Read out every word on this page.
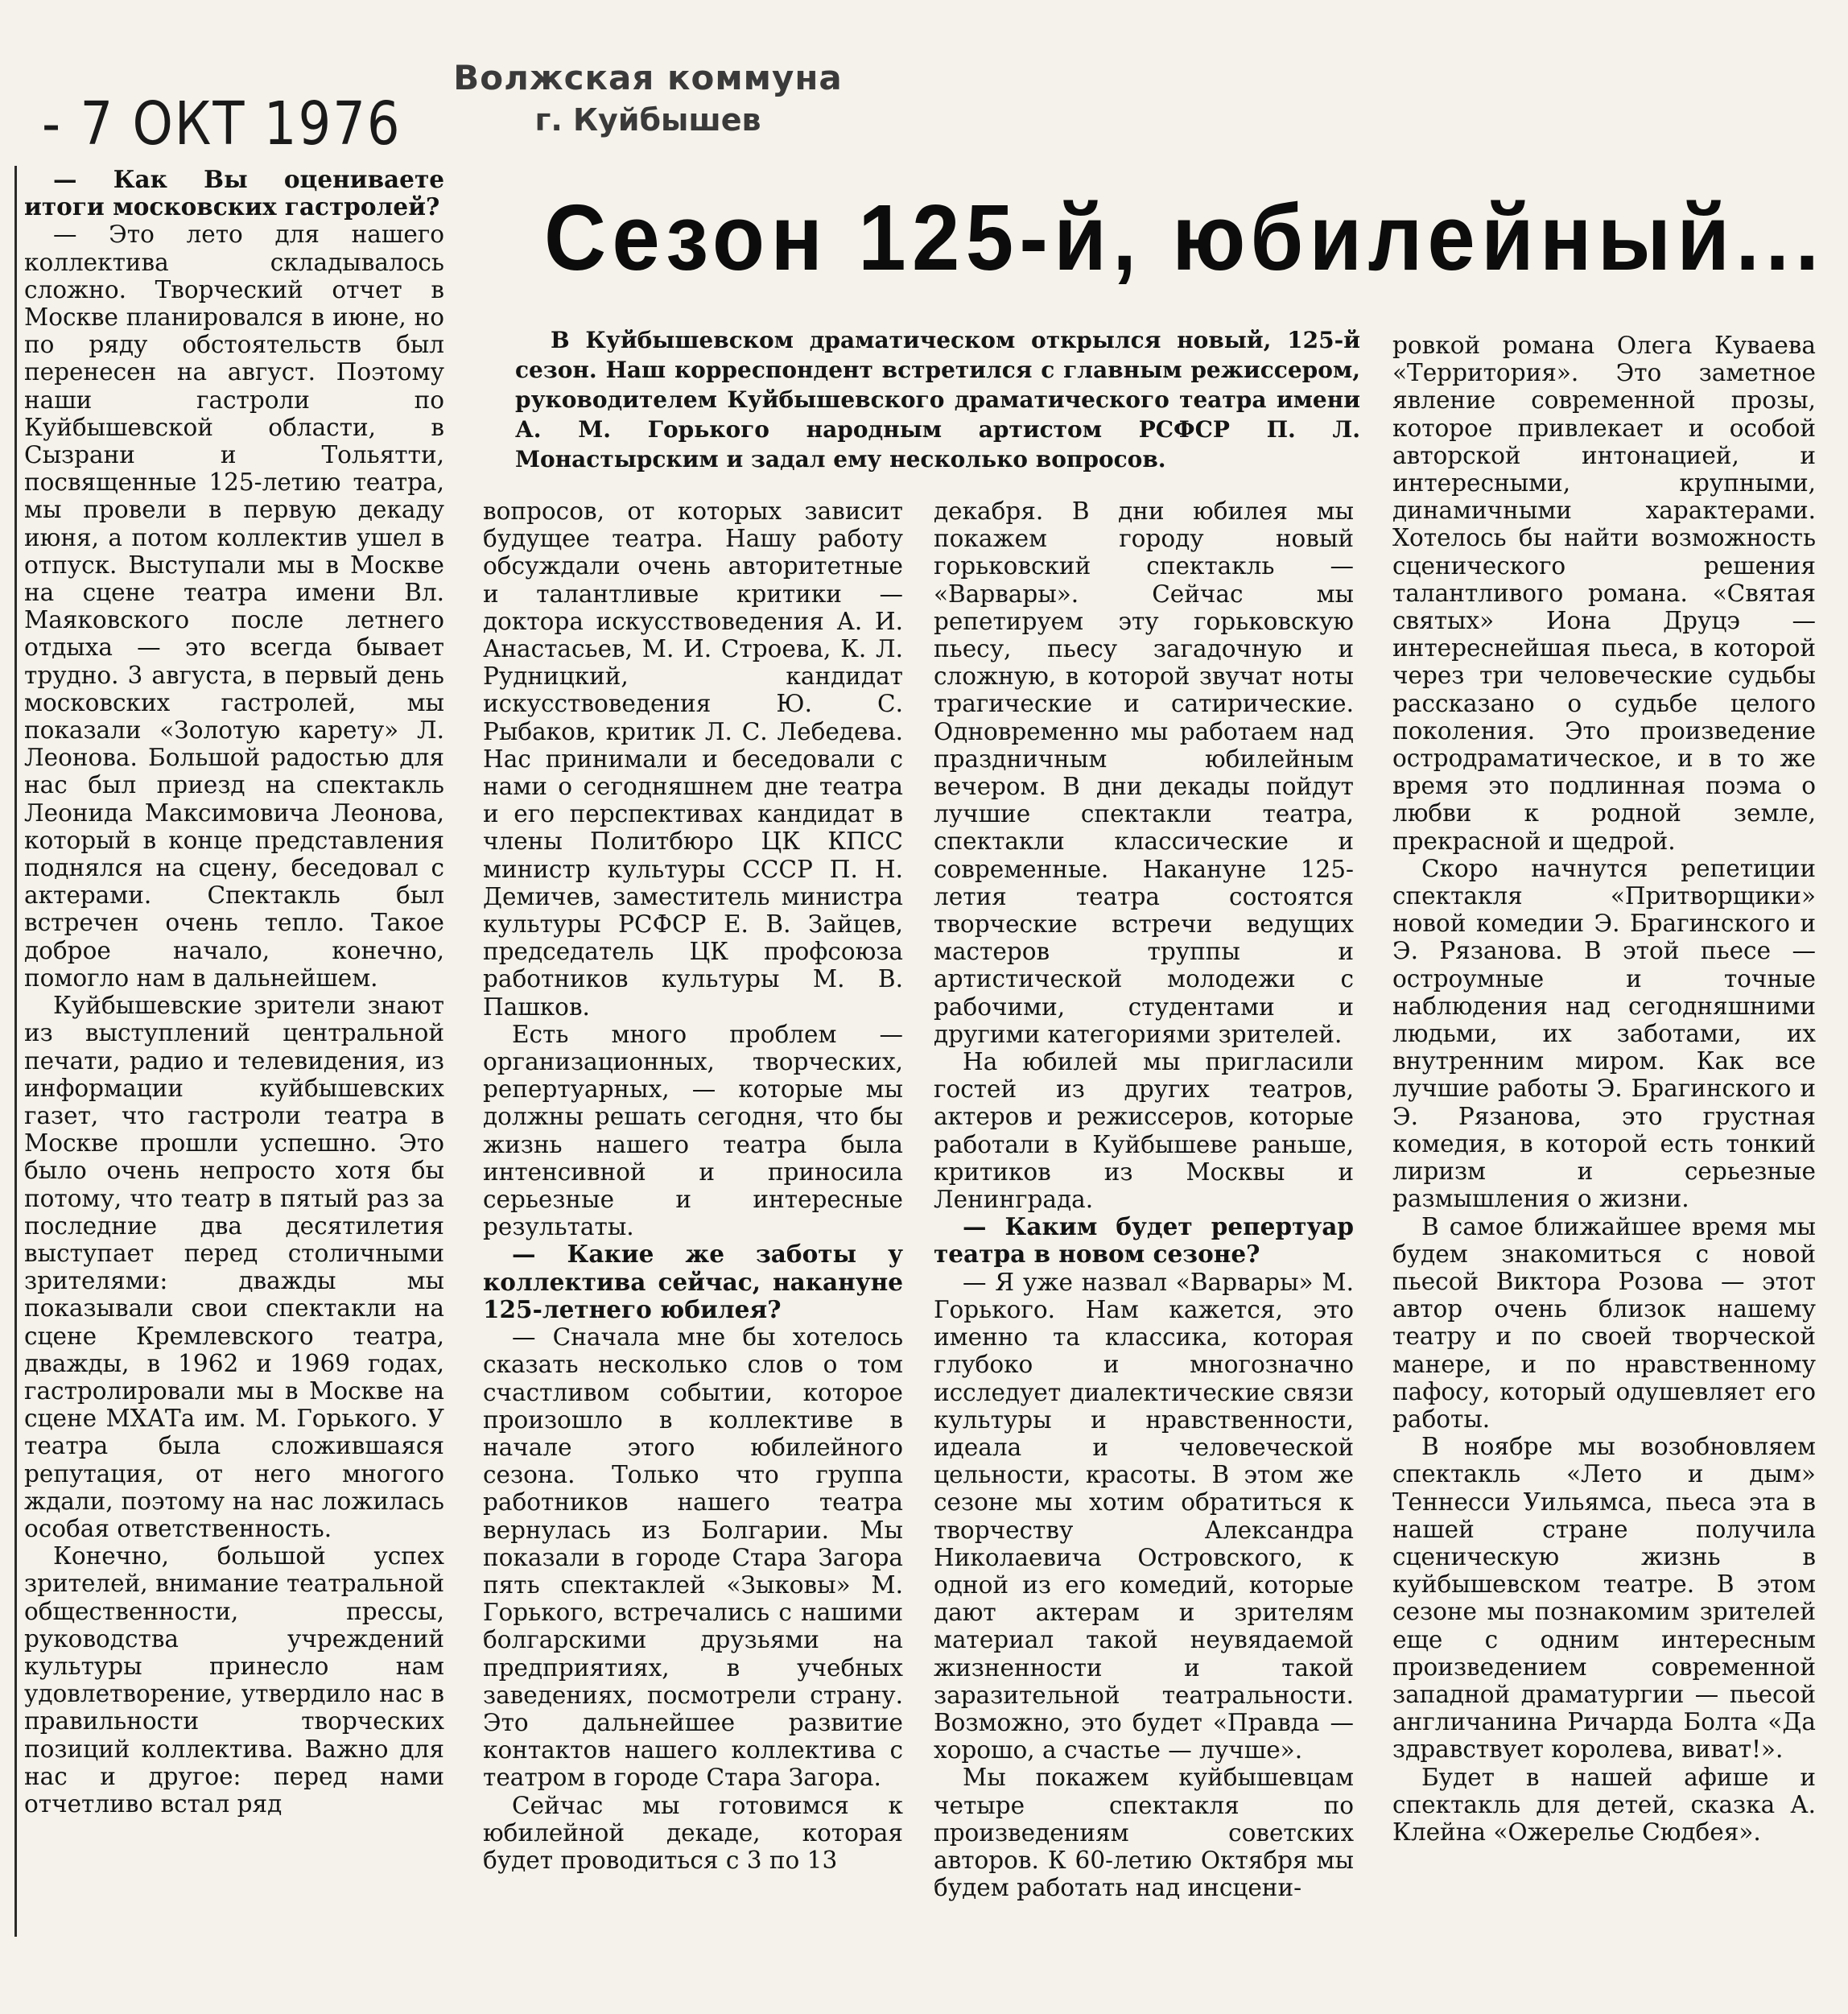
- 7 ОКТ 1976
Волжская коммуна
г. Куйбышев
Сезон 125-й, юбилейный...
В Куйбышевском драматическом открылся новый, 125-й сезон. Наш корреспондент встретился с главным режиссером, руководителем Куйбышевского драматического театра имени А. М. Горького народным артистом РСФСР П. Л. Монастырским и задал ему несколько вопросов.

— Как Вы оцениваете итоги московских гастролей?

— Это лето для нашего коллектива складывалось сложно. Творческий отчет в Москве планировался в июне, но по ряду обстоятельств был перенесен на август. Поэтому наши гастроли по Куйбышевской области, в Сызрани и Тольятти, посвященные 125-летию театра, мы провели в первую декаду июня, а потом коллектив ушел в отпуск. Выступали мы в Москве на сцене театра имени Вл. Маяковского после летнего отдыха — это всегда бывает трудно. 3 августа, в первый день московских гастролей, мы показали «Золотую карету» Л. Леонова. Большой радостью для нас был приезд на спектакль Леонида Максимовича Леонова, который в конце представления поднялся на сцену, беседовал с актерами. Спектакль был встречен очень тепло. Такое доброе начало, конечно, помогло нам в дальнейшем.

Куйбышевские зрители знают из выступлений центральной печати, радио и телевидения, из информации куйбышевских газет, что гастроли театра в Москве прошли успешно. Это было очень непросто хотя бы потому, что театр в пятый раз за последние два десятилетия выступает перед столичными зрителями: дважды мы показывали свои спектакли на сцене Кремлевского театра, дважды, в 1962 и 1969 годах, гастролировали мы в Москве на сцене МХАТа им. М. Горького. У театра была сложившаяся репутация, от него многого ждали, поэтому на нас ложилась особая ответственность.

Конечно, большой успех зрителей, внимание театральной общественности, прессы, руководства учреждений культуры принесло нам удовлетворение, утвердило нас в правильности творческих позиций коллектива. Важно для нас и другое: перед нами отчетливо встал ряд

вопросов, от которых зависит будущее театра. Нашу работу обсуждали очень авторитетные и талантливые критики — доктора искусствоведения А. И. Анастасьев, М. И. Строева, К. Л. Рудницкий, кандидат искусствоведения Ю. С. Рыбаков, критик Л. С. Лебедева. Нас принимали и беседовали с нами о сегодняшнем дне театра и его перспективах кандидат в члены Политбюро ЦК КПСС министр культуры СССР П. Н. Демичев, заместитель министра культуры РСФСР Е. В. Зайцев, председатель ЦК профсоюза работников культуры М. В. Пашков.

Есть много проблем — организационных, творческих, репертуарных, — которые мы должны решать сегодня, что бы жизнь нашего театра была интенсивной и приносила серьезные и интересные результаты.

— Какие же заботы у коллектива сейчас, накануне 125-летнего юбилея?

— Сначала мне бы хотелось сказать несколько слов о том счастливом событии, которое произошло в коллективе в начале этого юбилейного сезона. Только что группа работников нашего театра вернулась из Болгарии. Мы показали в городе Стара Загора пять спектаклей «Зыковы» М. Горького, встречались с нашими болгарскими друзьями на предприятиях, в учебных заведениях, посмотрели страну. Это дальнейшее развитие контактов нашего коллектива с театром в городе Стара Загора.

Сейчас мы готовимся к юбилейной декаде, которая будет проводиться с 3 по 13

декабря. В дни юбилея мы покажем городу новый горьковский спектакль — «Варвары». Сейчас мы репетируем эту горьковскую пьесу, пьесу загадочную и сложную, в которой звучат ноты трагические и сатирические. Одновременно мы работаем над праздничным юбилейным вечером. В дни декады пойдут лучшие спектакли театра, спектакли классические и современные. Накануне 125-летия театра состоятся творческие встречи ведущих мастеров труппы и артистической молодежи с рабочими, студентами и другими категориями зрителей.

На юбилей мы пригласили гостей из других театров, актеров и режиссеров, которые работали в Куйбышеве раньше, критиков из Москвы и Ленинграда.

— Каким будет репертуар театра в новом сезоне?

— Я уже назвал «Варвары» М. Горького. Нам кажется, это именно та классика, которая глубоко и многозначно исследует диалектические связи культуры и нравственности, идеала и человеческой цельности, красоты. В этом же сезоне мы хотим обратиться к творчеству Александра Николаевича Островского, к одной из его комедий, которые дают актерам и зрителям материал такой неувядаемой жизненности и такой заразительной театральности. Возможно, это будет «Правда — хорошо, а счастье — лучше».

Мы покажем куйбышевцам четыре спектакля по произведениям советских авторов. К 60-летию Октября мы будем работать над инсцени-

ровкой романа Олега Куваева «Территория». Это заметное явление современной прозы, которое привлекает и особой авторской интонацией, и интересными, крупными, динамичными характерами. Хотелось бы найти возможность сценического решения талантливого романа. «Святая святых» Иона Друцэ — интереснейшая пьеса, в которой через три человеческие судьбы рассказано о судьбе целого поколения. Это произведение остродраматическое, и в то же время это подлинная поэма о любви к родной земле, прекрасной и щедрой.

Скоро начнутся репетиции спектакля «Притворщики» новой комедии Э. Брагинского и Э. Рязанова. В этой пьесе — остроумные и точные наблюдения над сегодняшними людьми, их заботами, их внутренним миром. Как все лучшие работы Э. Брагинского и Э. Рязанова, это грустная комедия, в которой есть тонкий лиризм и серьезные размышления о жизни.

В самое ближайшее время мы будем знакомиться с новой пьесой Виктора Розова — этот автор очень близок нашему театру и по своей творческой манере, и по нравственному пафосу, который одушевляет его работы.

В ноябре мы возобновляем спектакль «Лето и дым» Теннесси Уильямса, пьеса эта в нашей стране получила сценическую жизнь в куйбышевском театре. В этом сезоне мы познакомим зрителей еще с одним интересным произведением современной западной драматургии — пьесой англичанина Ричарда Болта «Да здравствует королева, виват!».

Будет в нашей афише и спектакль для детей, сказка А. Клейна «Ожерелье Сюдбея».
